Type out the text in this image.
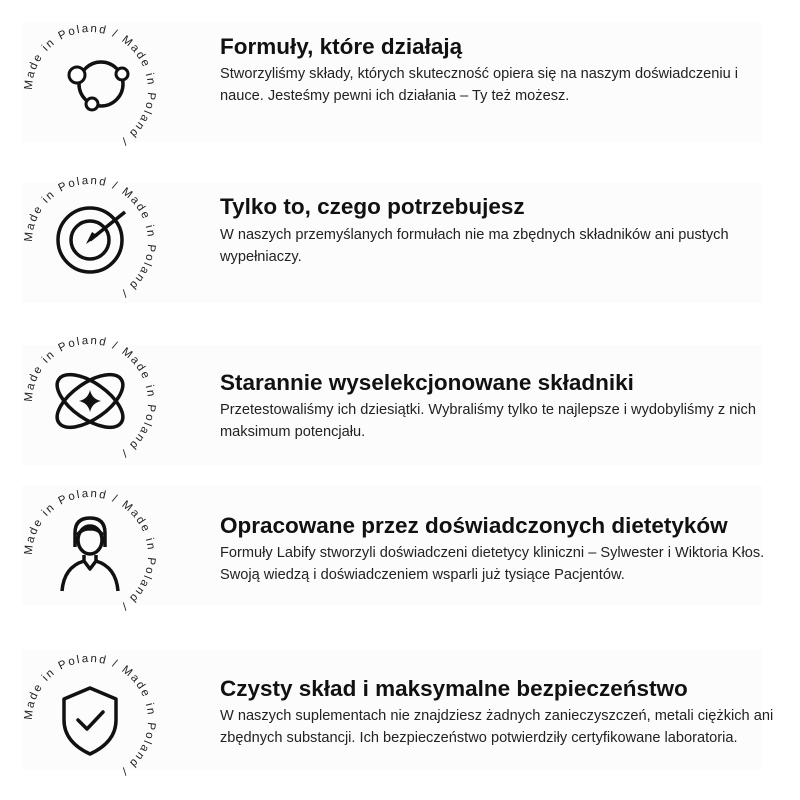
Made in Poland / Made in Poland /
Formuły, które działają
Stworzyliśmy składy, których skuteczność opiera się na naszym doświadczeniu i nauce. Jesteśmy pewni ich działania – Ty też możesz.
Made in Poland / Made in Poland /
Tylko to, czego potrzebujesz
W naszych przemyślanych formułach nie ma zbędnych składników ani pustych wypełniaczy.
Made in Poland / Made in Poland /
Starannie wyselekcjonowane składniki
Przetestowaliśmy ich dziesiątki. Wybraliśmy tylko te najlepsze i wydobyliśmy z nich maksimum potencjału.
Made in Poland / Made in Poland /
Opracowane przez doświadczonych dietetyków
Formuły Labify stworzyli doświadczeni dietetycy kliniczni – Sylwester i Wiktoria Kłos. Swoją wiedzą i doświadczeniem wsparli już tysiące Pacjentów.
Made in Poland / Made in Poland /
Czysty skład i maksymalne bezpieczeństwo
W naszych suplementach nie znajdziesz żadnych zanieczyszczeń, metali ciężkich ani zbędnych substancji. Ich bezpieczeństwo potwierdziły certyfikowane laboratoria.
